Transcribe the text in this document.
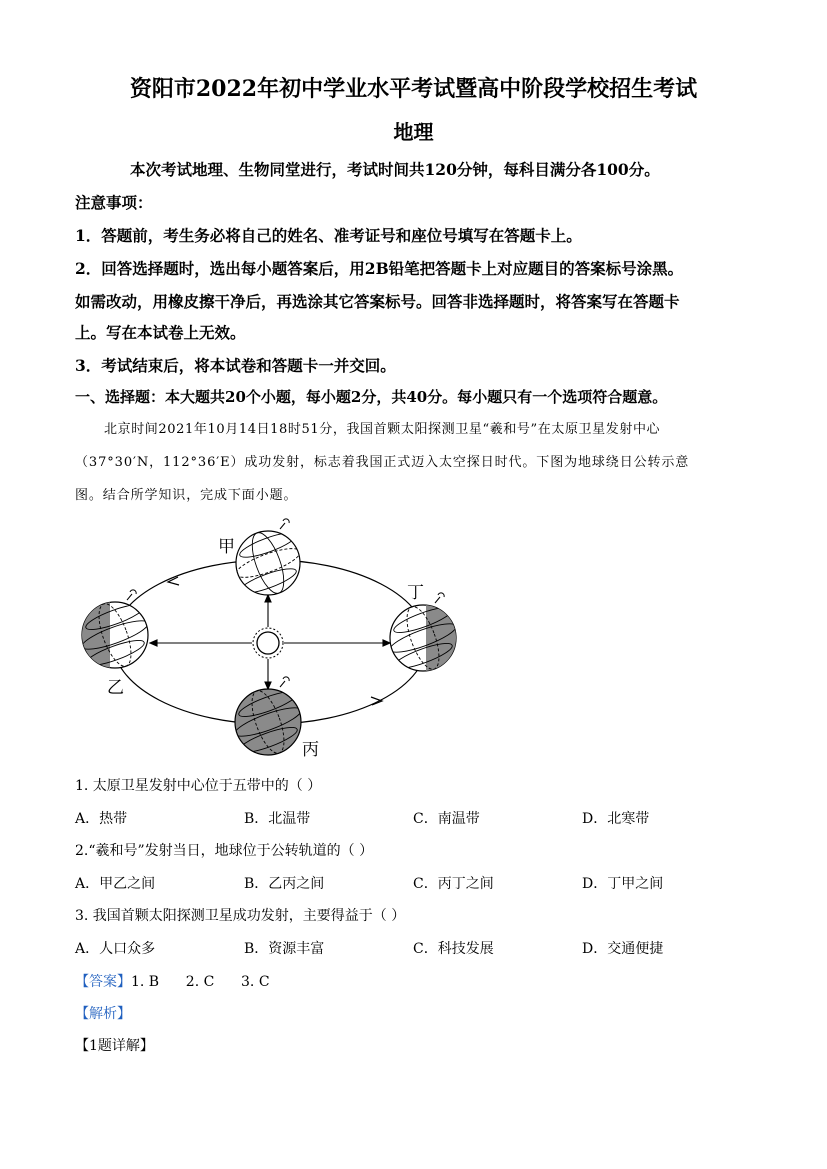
资阳市2022年初中学业水平考试暨高中阶段学校招生考试
地理
本次考试地理、生物同堂进行，考试时间共120分钟，每科目满分各100分。
注意事项：
1．答题前，考生务必将自己的姓名、准考证号和座位号填写在答题卡上。
2．回答选择题时，选出每小题答案后，用2B铅笔把答题卡上对应题目的答案标号涂黑。
如需改动，用橡皮擦干净后，再选涂其它答案标号。回答非选择题时，将答案写在答题卡
上。写在本试卷上无效。
3．考试结束后，将本试卷和答题卡一并交回。
一、选择题：本大题共20个小题，每小题2分，共40分。每小题只有一个选项符合题意。
北京时间2021年10月14日18时51分，我国首颗太阳探测卫星“羲和号”在太原卫星发射中心
（37°30′N，112°36′E）成功发射，标志着我国正式迈入太空探日时代。下图为地球绕日公转示意
图。结合所学知识，完成下面小题。
甲
乙
丙
丁
1. 太原卫星发射中心位于五带中的（ ）
A．热带	B．北温带	C．南温带	D．北寒带
2.“羲和号”发射当日，地球位于公转轨道的（ ）
A．甲乙之间	B．乙丙之间	C．丙丁之间	D．丁甲之间
3. 我国首颗太阳探测卫星成功发射，主要得益于（ ）
A．人口众多	B．资源丰富	C．科技发展	D．交通便捷
【答案】1. B      2. C      3. C
【解析】
【1题详解】
